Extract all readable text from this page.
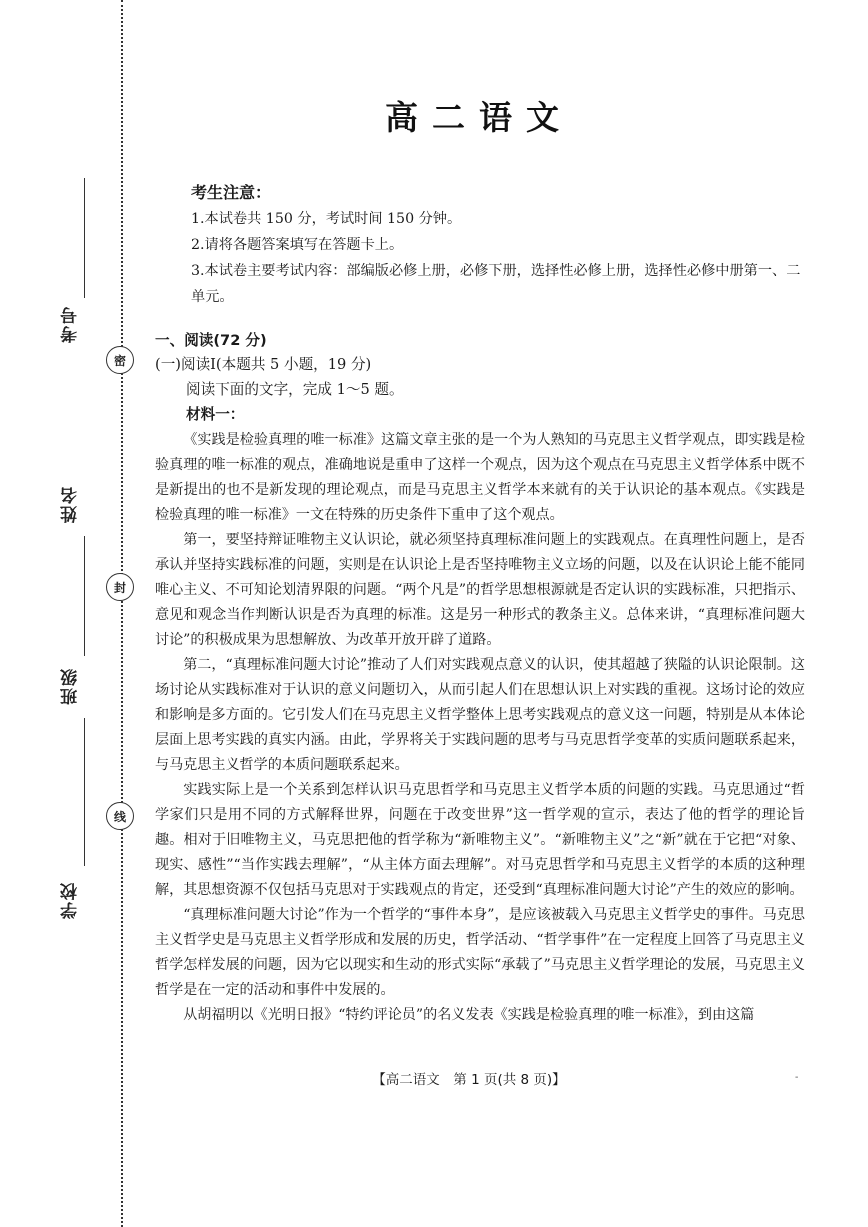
考号
姓名
班级
学校
密
封
线
高二语文
考生注意：
1.本试卷共 150 分，考试时间 150 分钟。
2.请将各题答案填写在答题卡上。
3.本试卷主要考试内容：部编版必修上册，必修下册，选择性必修上册，选择性必修中册第一、二单元。
一、阅读(72 分)
(一)阅读Ⅰ(本题共 5 小题，19 分)
阅读下面的文字，完成 1～5 题。
材料一：

《实践是检验真理的唯一标准》这篇文章主张的是一个为人熟知的马克思主义哲学观点，即实践是检验真理的唯一标准的观点，准确地说是重申了这样一个观点，因为这个观点在马克思主义哲学体系中既不是新提出的也不是新发现的理论观点，而是马克思主义哲学本来就有的关于认识论的基本观点。《实践是检验真理的唯一标准》一文在特殊的历史条件下重申了这个观点。

第一，要坚持辩证唯物主义认识论，就必须坚持真理标准问题上的实践观点。在真理性问题上，是否承认并坚持实践标准的问题，实则是在认识论上是否坚持唯物主义立场的问题，以及在认识论上能不能同唯心主义、不可知论划清界限的问题。“两个凡是”的哲学思想根源就是否定认识的实践标准，只把指示、意见和观念当作判断认识是否为真理的标准。这是另一种形式的教条主义。总体来讲，“真理标准问题大讨论”的积极成果为思想解放、为改革开放开辟了道路。

第二，“真理标准问题大讨论”推动了人们对实践观点意义的认识，使其超越了狭隘的认识论限制。这场讨论从实践标准对于认识的意义问题切入，从而引起人们在思想认识上对实践的重视。这场讨论的效应和影响是多方面的。它引发人们在马克思主义哲学整体上思考实践观点的意义这一问题，特别是从本体论层面上思考实践的真实内涵。由此，学界将关于实践问题的思考与马克思哲学变革的实质问题联系起来，与马克思主义哲学的本质问题联系起来。

实践实际上是一个关系到怎样认识马克思哲学和马克思主义哲学本质的问题的实践。马克思通过“哲学家们只是用不同的方式解释世界，问题在于改变世界”这一哲学观的宣示，表达了他的哲学的理论旨趣。相对于旧唯物主义，马克思把他的哲学称为“新唯物主义”。“新唯物主义”之“新”就在于它把“对象、现实、感性”“当作实践去理解”，“从主体方面去理解”。对马克思哲学和马克思主义哲学的本质的这种理解，其思想资源不仅包括马克思对于实践观点的肯定，还受到“真理标准问题大讨论”产生的效应的影响。

“真理标准问题大讨论”作为一个哲学的“事件本身”，是应该被载入马克思主义哲学史的事件。马克思主义哲学史是马克思主义哲学形成和发展的历史，哲学活动、“哲学事件”在一定程度上回答了马克思主义哲学怎样发展的问题，因为它以现实和生动的形式实际“承载了”马克思主义哲学理论的发展，马克思主义哲学是在一定的活动和事件中发展的。

从胡福明以《光明日报》“特约评论员”的名义发表《实践是检验真理的唯一标准》，到由这篇

【高二语文　第 1 页(共 8 页)】	-
